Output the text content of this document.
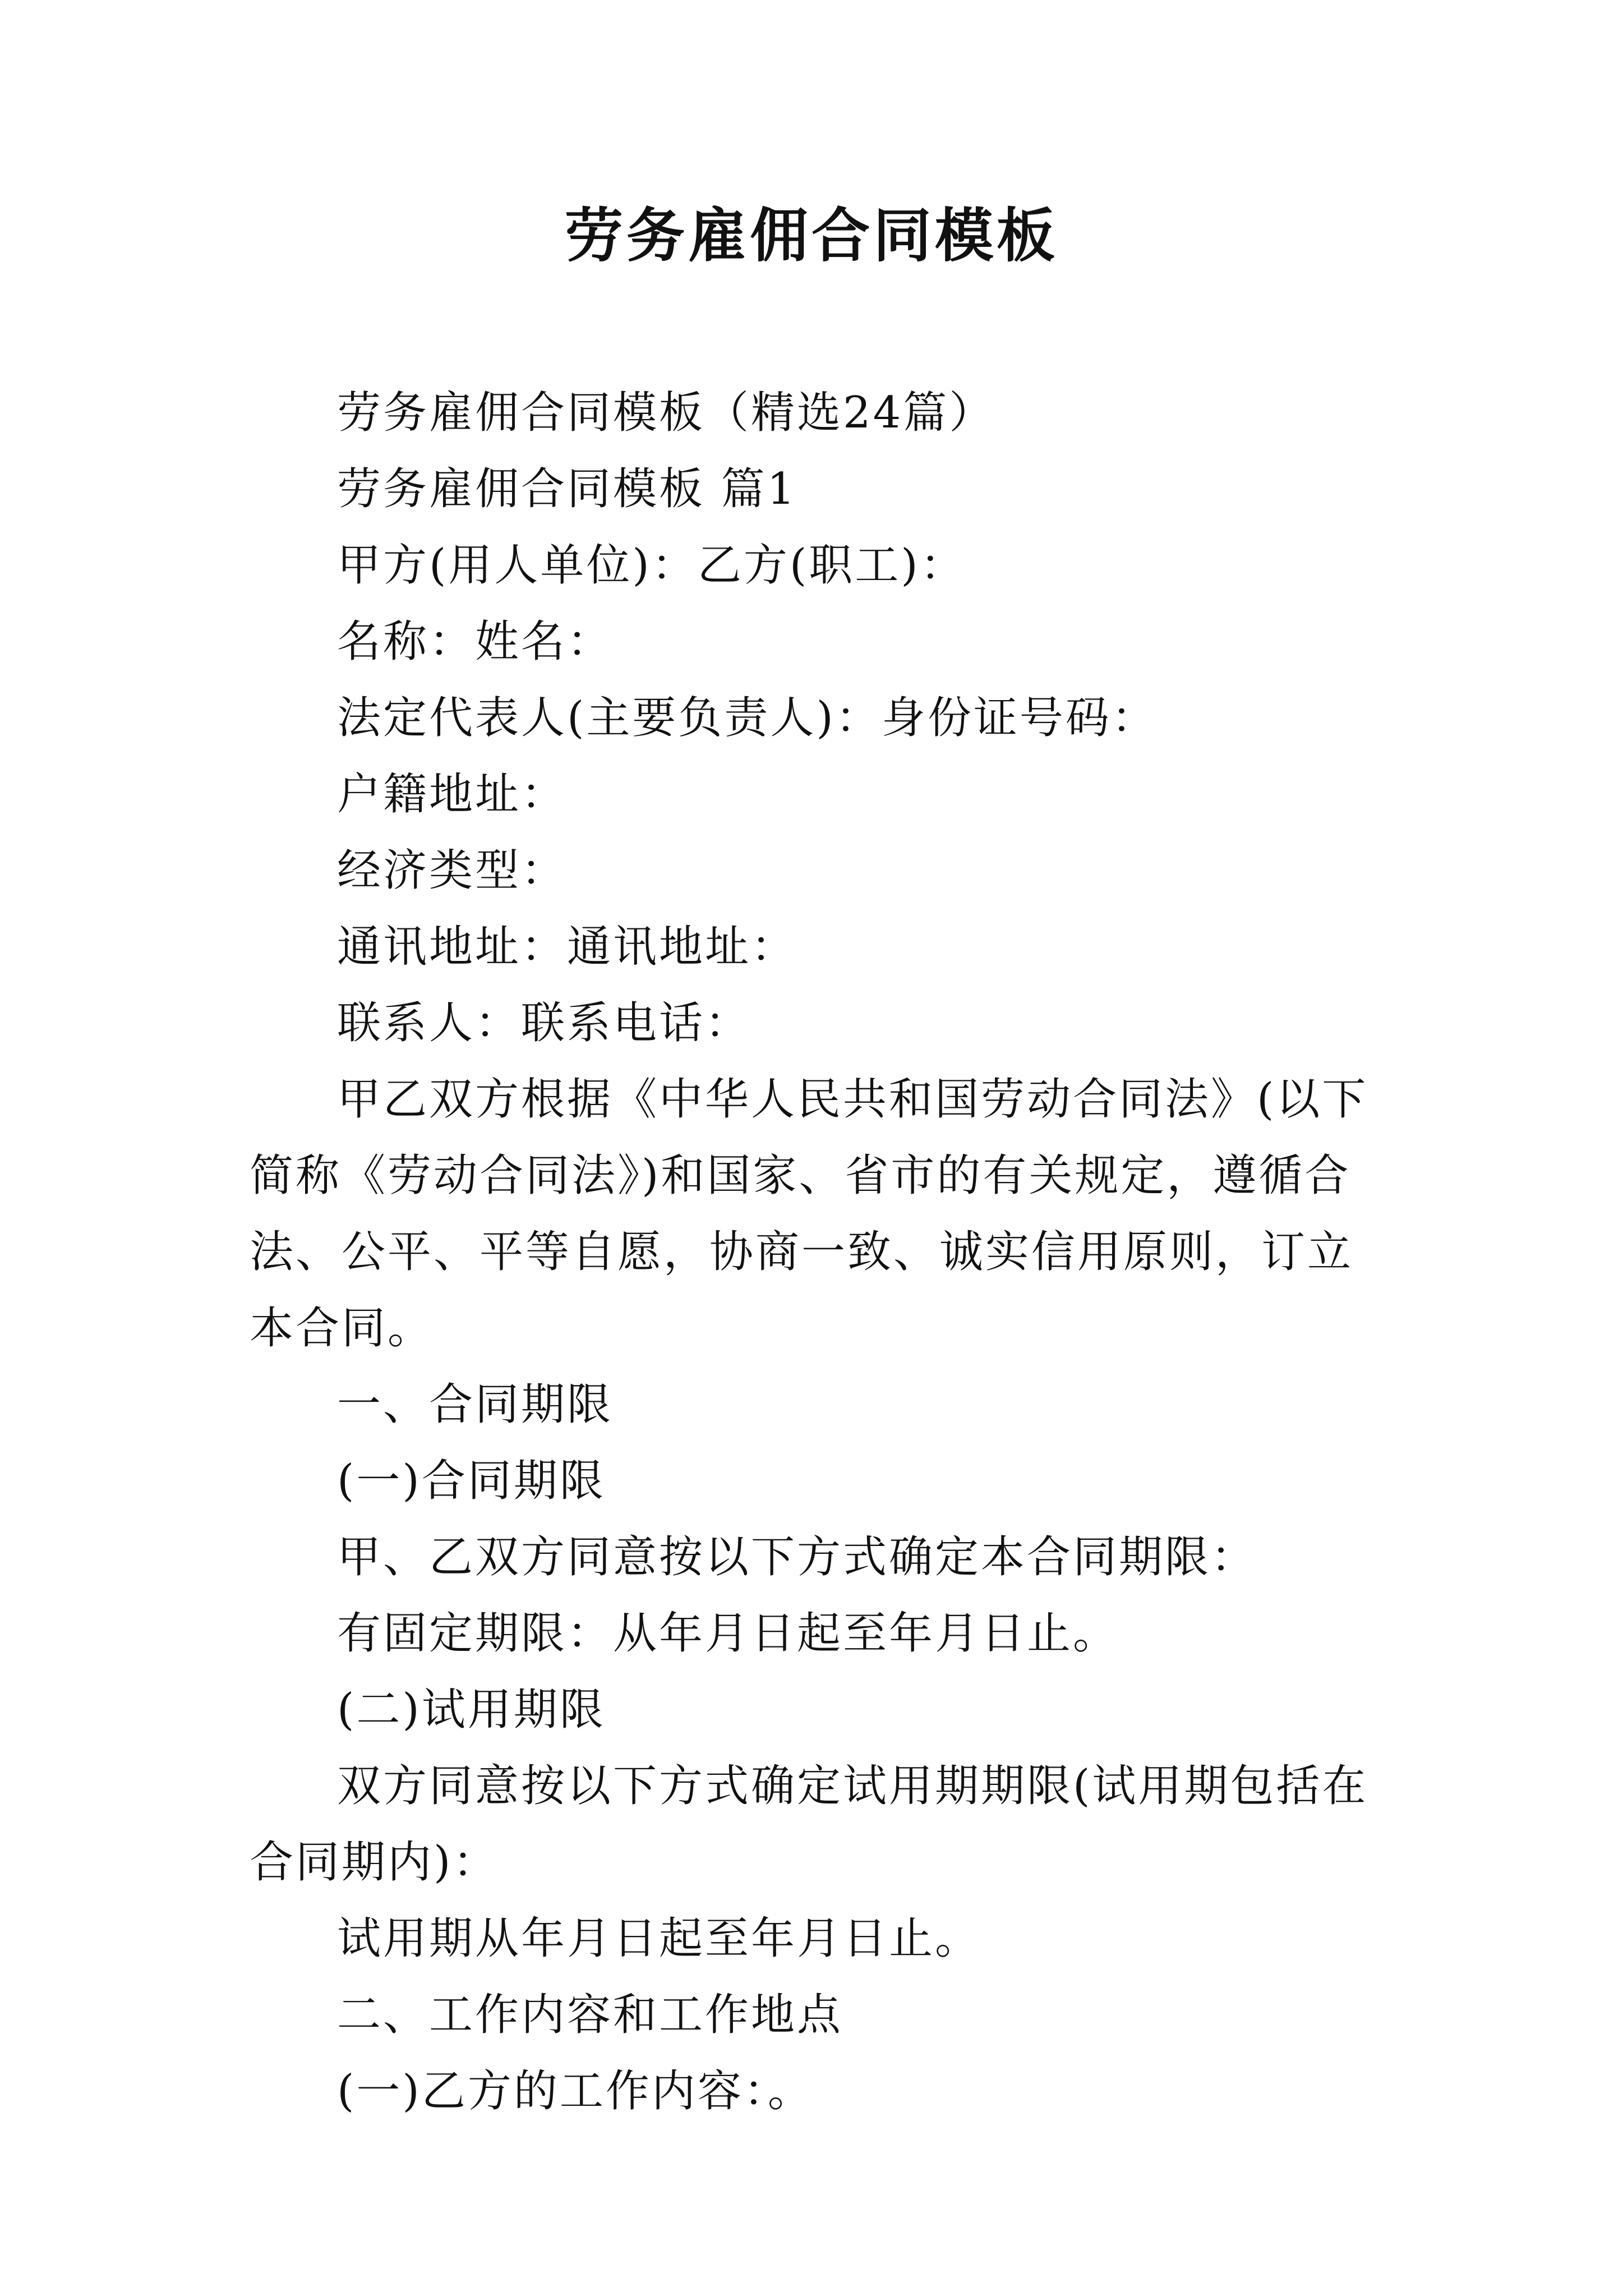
劳务雇佣合同模板

劳务雇佣合同模板（精选24篇）

劳务雇佣合同模板 篇1

甲方(用人单位)：乙方(职工)：

名称：姓名：

法定代表人(主要负责人)：身份证号码：

户籍地址：

经济类型：

通讯地址：通讯地址：

联系人：联系电话：

甲乙双方根据《中华人民共和国劳动合同法》(以下简称《劳动合同法》)和国家、省市的有关规定，遵循合法、公平、平等自愿，协商一致、诚实信用原则，订立本合同。

一、合同期限

(一)合同期限

甲、乙双方同意按以下方式确定本合同期限：

有固定期限：从年月日起至年月日止。

(二)试用期限

双方同意按以下方式确定试用期期限(试用期包括在合同期内)：

试用期从年月日起至年月日止。

二、工作内容和工作地点

(一)乙方的工作内容：。
